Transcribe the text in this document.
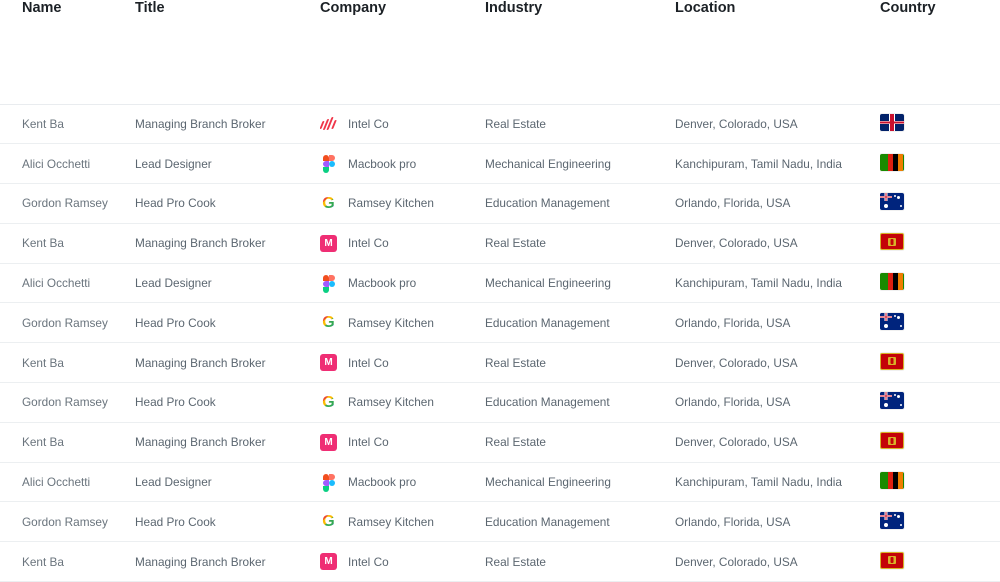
Name	Title	Company	Industry	Location	Country

Kent Ba	Managing Branch Broker	Intel Co	Real Estate	Denver, Colorado, USA	
Alici Occhetti	Lead Designer	Macbook pro	Mechanical Engineering	Kanchipuram, Tamil Nadu, India	

Gordon Ramsey	Head Pro Cook	G Ramsey Kitchen	Education Management	Orlando, Florida, USA	

Kent Ba	Managing Branch Broker	M Intel Co	Real Estate	Denver, Colorado, USA	

Alici Occhetti	Lead Designer	Macbook pro	Mechanical Engineering	Kanchipuram, Tamil Nadu, India	

Gordon Ramsey	Head Pro Cook	G Ramsey Kitchen	Education Management	Orlando, Florida, USA	

Kent Ba	Managing Branch Broker	M Intel Co	Real Estate	Denver, Colorado, USA	

Gordon Ramsey	Head Pro Cook	G Ramsey Kitchen	Education Management	Orlando, Florida, USA	

Kent Ba	Managing Branch Broker	M Intel Co	Real Estate	Denver, Colorado, USA	

Alici Occhetti	Lead Designer	Macbook pro	Mechanical Engineering	Kanchipuram, Tamil Nadu, India	

Gordon Ramsey	Head Pro Cook	G Ramsey Kitchen	Education Management	Orlando, Florida, USA	

Kent Ba	Managing Branch Broker	M Intel Co	Real Estate	Denver, Colorado, USA	
